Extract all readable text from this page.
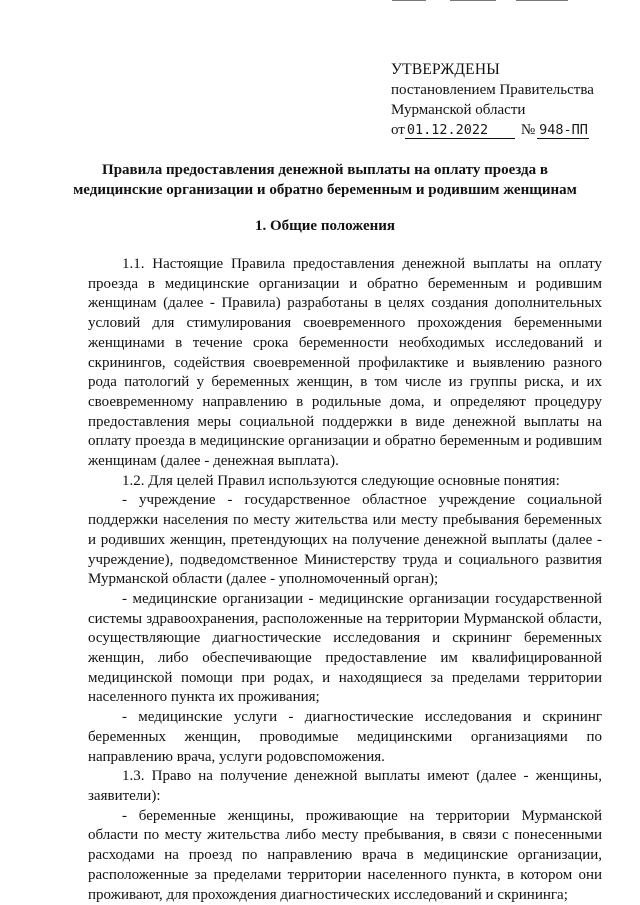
УТВЕРЖДЕНЫ
постановлением Правительства
Мурманской области
от 01.12.2022 № 948-ПП
Правила предоставления денежной выплаты на оплату проезда в
медицинские организации и обратно беременным и родившим женщинам
1. Общие положения

1.1. Настоящие Правила предоставления денежной выплаты на оплату проезда в медицинские организации и обратно беременным и родившим женщинам (далее - Правила) разработаны в целях создания дополнительных условий для стимулирования своевременного прохождения беременными женщинами в течение срока беременности необходимых исследований и скринингов, содействия своевременной профилактике и выявлению разного рода патологий у беременных женщин, в том числе из группы риска, и их своевременному направлению в родильные дома, и определяют процедуру предоставления меры социальной поддержки в виде денежной выплаты на оплату проезда в медицинские организации и обратно беременным и родившим женщинам (далее - денежная выплата).

1.2. Для целей Правил используются следующие основные понятия:

- учреждение - государственное областное учреждение социальной поддержки населения по месту жительства или месту пребывания беременных и родивших женщин, претендующих на получение денежной выплаты (далее - учреждение), подведомственное Министерству труда и социального развития Мурманской области (далее - уполномоченный орган);

- медицинские организации - медицинские организации государственной системы здравоохранения, расположенные на территории Мурманской области, осуществляющие диагностические исследования и скрининг беременных женщин, либо обеспечивающие предоставление им квалифицированной медицинской помощи при родах, и находящиеся за пределами территории населенного пункта их проживания;

- медицинские услуги - диагностические исследования и скрининг беременных женщин, проводимые медицинскими организациями по направлению врача, услуги родовспоможения.

1.3. Право на получение денежной выплаты имеют (далее - женщины, заявители):

- беременные женщины, проживающие на территории Мурманской области по месту жительства либо месту пребывания, в связи с понесенными расходами на проезд по направлению врача в медицинские организации, расположенные за пределами территории населенного пункта, в котором они проживают, для прохождения диагностических исследований и скрининга;
